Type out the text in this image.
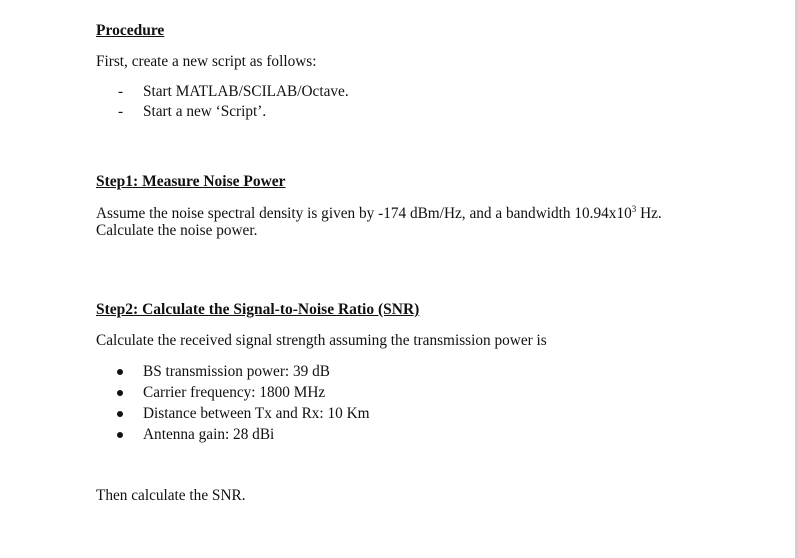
Procedure
First, create a new script as follows:
- Start MATLAB/SCILAB/Octave.
- Start a new ‘Script’.
Step1: Measure Noise Power
Assume the noise spectral density is given by -174 dBm/Hz, and a bandwidth $10.94x10^3$ Hz.
Calculate the noise power.
Step2: Calculate the Signal-to-Noise Ratio (SNR)
Calculate the received signal strength assuming the transmission power is
BS transmission power: 39 dB
Carrier frequency: 1800 MHz
Distance between Tx and Rx: 10 Km
Antenna gain: 28 dBi
Then calculate the SNR.
